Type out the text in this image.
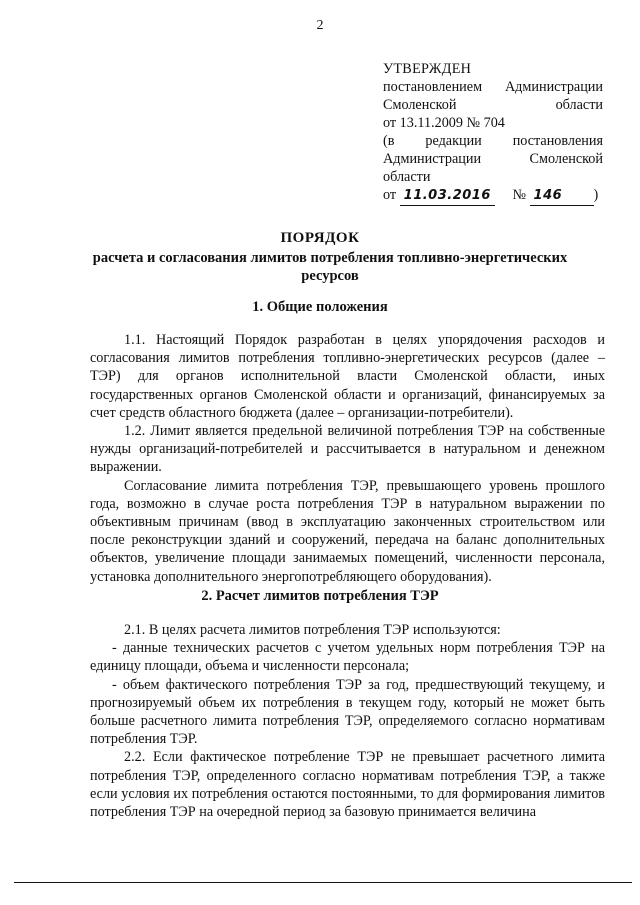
2
УТВЕРЖДЕН
постановлением Администрации
Смоленской	области
от 13.11.2009 № 704
(в редакции постановления
Администрации	Смоленской
области
от 11.03.2016 № 146 )
ПОРЯДОК
расчета и согласования лимитов потребления топливно-энергетических ресурсов
1. Общие положения

1.1. Настоящий Порядок разработан в целях упорядочения расходов и согласования лимитов потребления топливно-энергетических ресурсов (далее – ТЭР) для органов исполнительной власти Смоленской области, иных государственных органов Смоленской области и организаций, финансируемых за счет средств областного бюджета (далее – организации-потребители).

1.2. Лимит является предельной величиной потребления ТЭР на собственные нужды организаций-потребителей и рассчитывается в натуральном и денежном выражении.

Согласование лимита потребления ТЭР, превышающего уровень прошлого года, возможно в случае роста потребления ТЭР в натуральном выражении по объективным причинам (ввод в эксплуатацию законченных строительством или после реконструкции зданий и сооружений, передача на баланс дополнительных объектов, увеличение площади занимаемых помещений, численности персонала, установка дополнительного энергопотребляющего оборудования).

2. Расчет лимитов потребления ТЭР

2.1. В целях расчета лимитов потребления ТЭР используются:

- данные технических расчетов с учетом удельных норм потребления ТЭР на единицу площади, объема и численности персонала;

- объем фактического потребления ТЭР за год, предшествующий текущему, и прогнозируемый объем их потребления в текущем году, который не может быть больше расчетного лимита потребления ТЭР, определяемого согласно нормативам потребления ТЭР.

2.2. Если фактическое потребление ТЭР не превышает расчетного лимита потребления ТЭР, определенного согласно нормативам потребления ТЭР, а также если условия их потребления остаются постоянными, то для формирования лимитов потребления ТЭР на очередной период за базовую принимается величина
